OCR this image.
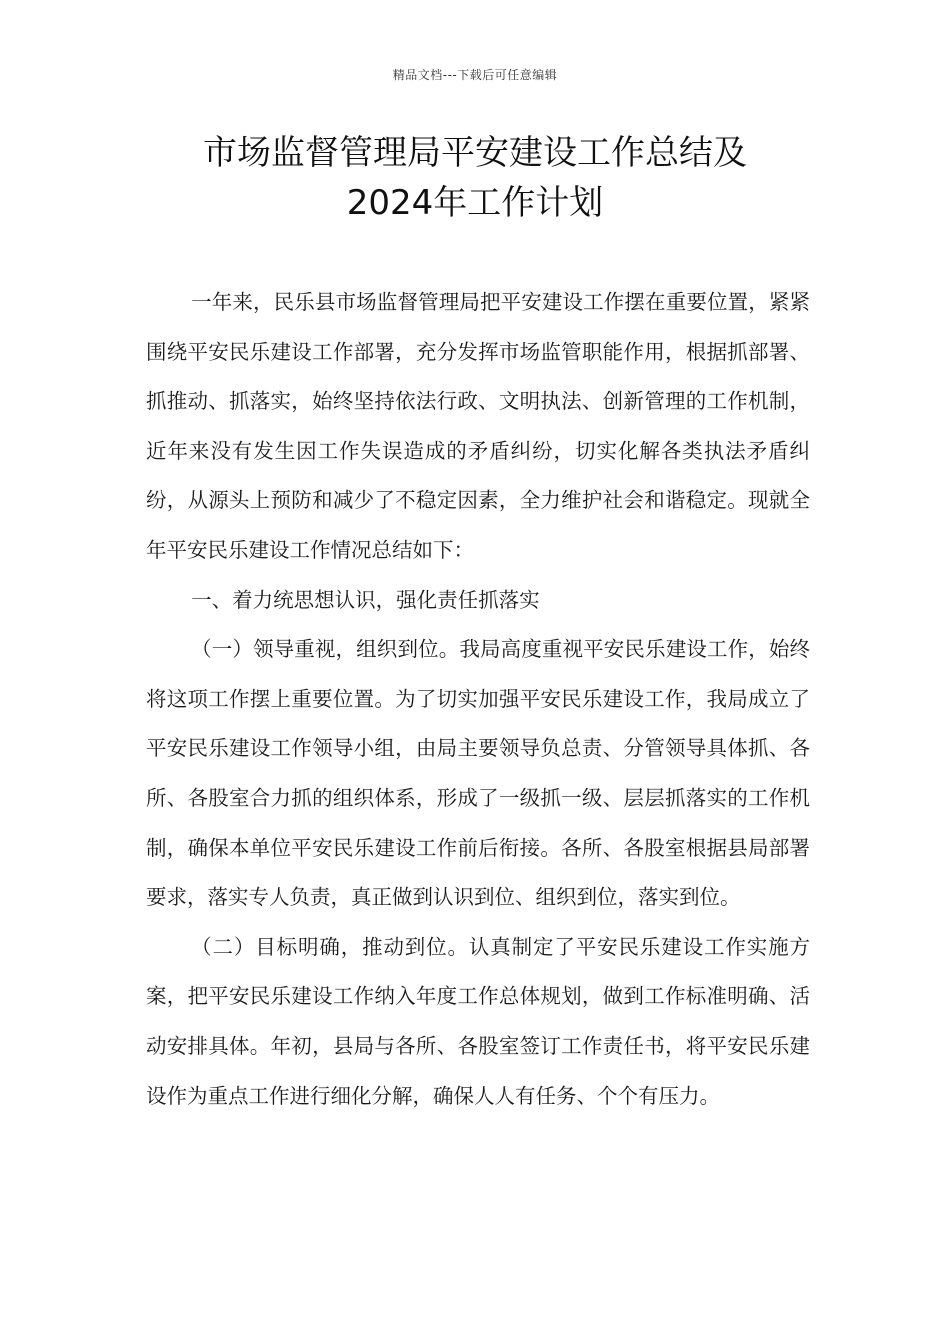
精品文档---下载后可任意编辑
市场监督管理局平安建设工作总结及
2024年工作计划

一年来，民乐县市场监督管理局把平安建设工作摆在重要位置，紧紧围绕平安民乐建设工作部署，充分发挥市场监管职能作用，根据抓部署、抓推动、抓落实，始终坚持依法行政、文明执法、创新管理的工作机制，近年来没有发生因工作失误造成的矛盾纠纷，切实化解各类执法矛盾纠纷，从源头上预防和减少了不稳定因素，全力维护社会和谐稳定。现就全年平安民乐建设工作情况总结如下：

一、着力统思想认识，强化责任抓落实

（一）领导重视，组织到位。我局高度重视平安民乐建设工作，始终将这项工作摆上重要位置。为了切实加强平安民乐建设工作，我局成立了平安民乐建设工作领导小组，由局主要领导负总责、分管领导具体抓、各所、各股室合力抓的组织体系，形成了一级抓一级、层层抓落实的工作机制，确保本单位平安民乐建设工作前后衔接。各所、各股室根据县局部署要求，落实专人负责，真正做到认识到位、组织到位，落实到位。

（二）目标明确，推动到位。认真制定了平安民乐建设工作实施方案，把平安民乐建设工作纳入年度工作总体规划，做到工作标准明确、活动安排具体。年初，县局与各所、各股室签订工作责任书，将平安民乐建设作为重点工作进行细化分解，确保人人有任务、个个有压力。
